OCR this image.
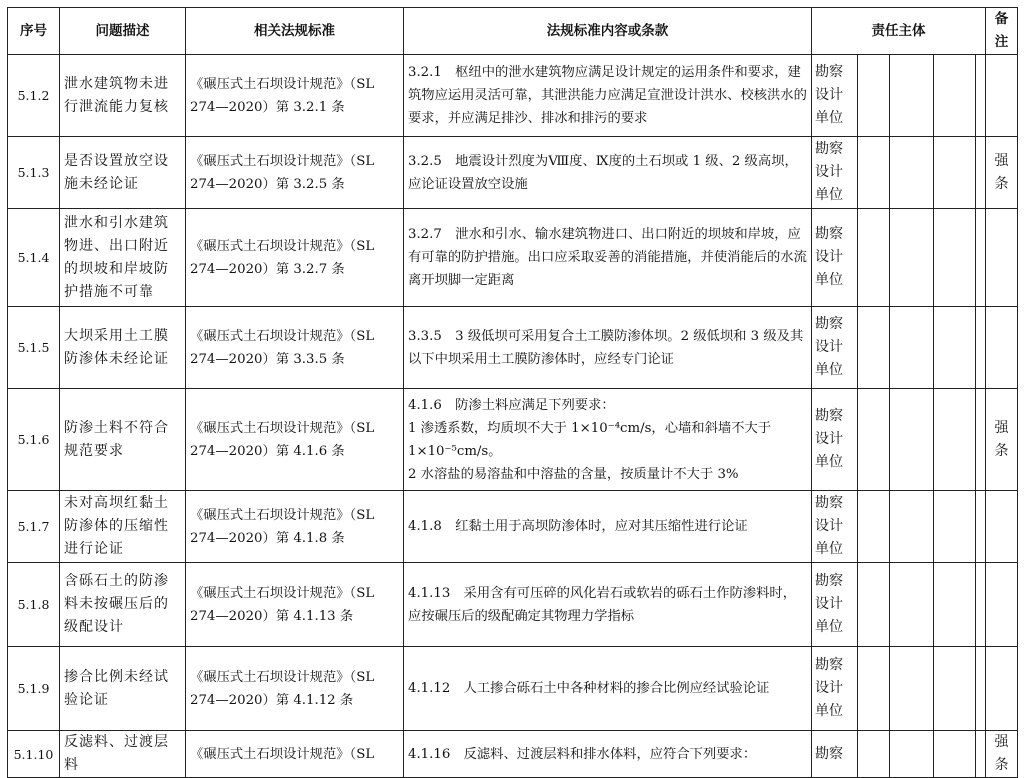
序号	问题描述	相关法规标准	法规标准内容或条款	责任主体					备注
5.1.2	泄水建筑物未进行泄流能力复核	《碾压式土石坝设计规范》（SL 274—2020）第 3.2.1 条	3.2.1　枢纽中的泄水建筑物应满足设计规定的运用条件和要求，建筑物应运用灵活可靠，其泄洪能力应满足宣泄设计洪水、校核洪水的要求，并应满足排沙、排冰和排污的要求	勘察设计单位					
5.1.3	是否设置放空设施未经论证	《碾压式土石坝设计规范》（SL 274—2020）第 3.2.5 条	3.2.5　地震设计烈度为Ⅷ度、Ⅸ度的土石坝或 1 级、2 级高坝，应论证设置放空设施	勘察设计单位					强条
5.1.4	泄水和引水建筑物进、出口附近的坝坡和岸坡防护措施不可靠	《碾压式土石坝设计规范》（SL 274—2020）第 3.2.7 条	3.2.7　泄水和引水、输水建筑物进口、出口附近的坝坡和岸坡，应有可靠的防护措施。出口应采取妥善的消能措施，并使消能后的水流离开坝脚一定距离	勘察设计单位					
5.1.5	大坝采用土工膜防渗体未经论证	《碾压式土石坝设计规范》（SL 274—2020）第 3.3.5 条	3.3.5　3 级低坝可采用复合土工膜防渗体坝。2 级低坝和 3 级及其以下中坝采用土工膜防渗体时，应经专门论证	勘察设计单位					
5.1.6	防渗土料不符合规范要求	《碾压式土石坝设计规范》（SL 274—2020）第 4.1.6 条	4.1.6　防渗土料应满足下列要求：
1 渗透系数，均质坝不大于 1×10⁻⁴cm/s，心墙和斜墙不大于 1×10⁻⁵cm/s。
2 水溶盐的易溶盐和中溶盐的含量，按质量计不大于 3%	勘察设计单位					强条
5.1.7	未对高坝红黏土防渗体的压缩性进行论证	《碾压式土石坝设计规范》（SL 274—2020）第 4.1.8 条	4.1.8　红黏土用于高坝防渗体时，应对其压缩性进行论证	勘察设计单位					
5.1.8	含砾石土的防渗料未按碾压后的级配设计	《碾压式土石坝设计规范》（SL 274—2020）第 4.1.13 条	4.1.13　采用含有可压碎的风化岩石或软岩的砾石土作防渗料时，应按碾压后的级配确定其物理力学指标	勘察设计单位					
5.1.9	掺合比例未经试验论证	《碾压式土石坝设计规范》（SL 274—2020）第 4.1.12 条	4.1.12　人工掺合砾石土中各种材料的掺合比例应经试验论证	勘察设计单位					
5.1.10	反滤料、过渡层料	《碾压式土石坝设计规范》（SL	4.1.16　反滤料、过渡层料和排水体料，应符合下列要求：	勘察					强条
